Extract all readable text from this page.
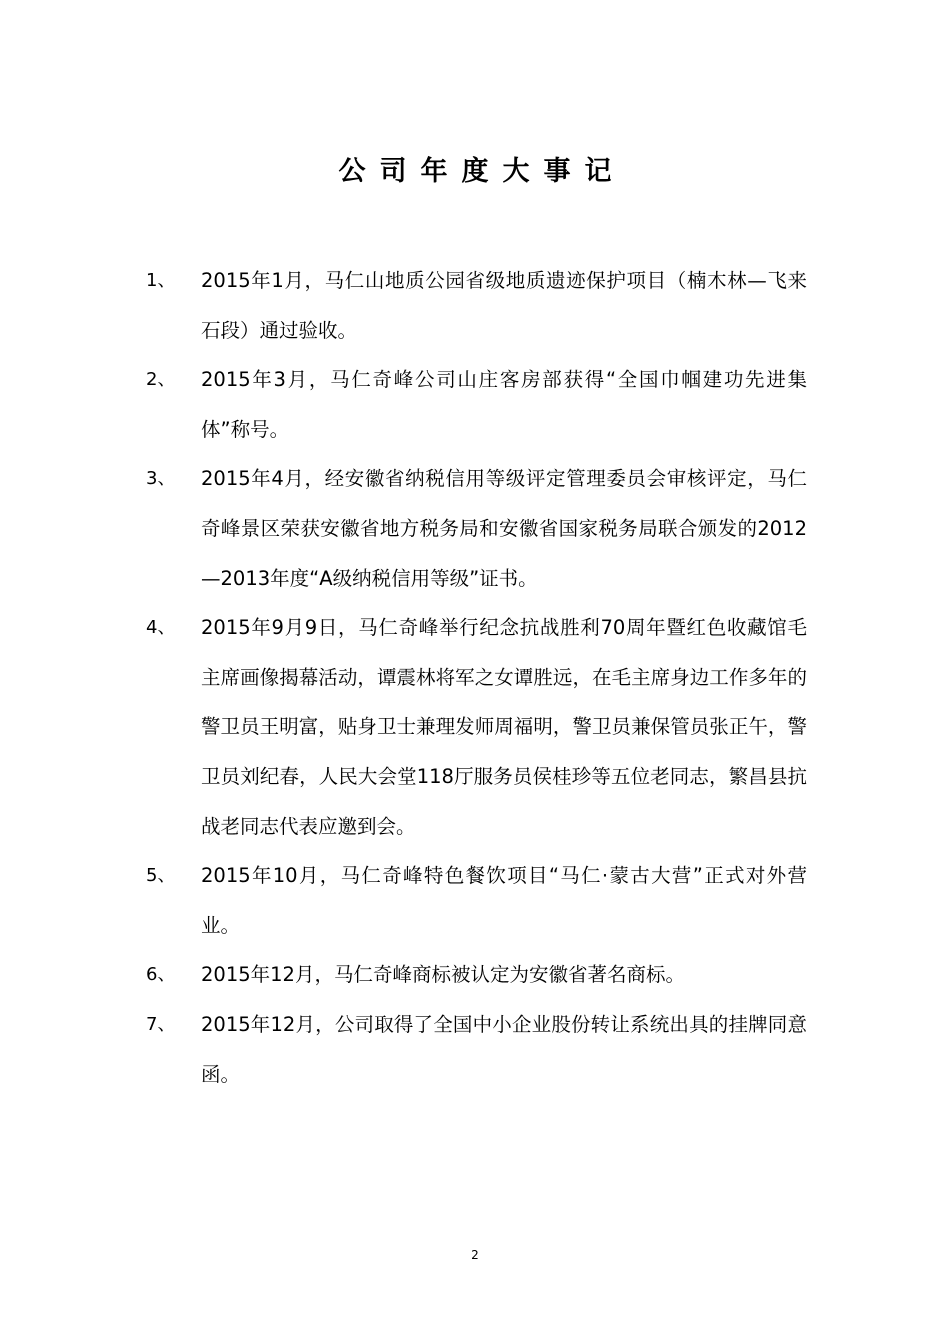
公司年度大事记
1、 2015年1月，马仁山地质公园省级地质遗迹保护项目（楠木林—飞来石段）通过验收。
2、 2015年3月，马仁奇峰公司山庄客房部获得“全国巾帼建功先进集体”称号。
3、 2015年4月，经安徽省纳税信用等级评定管理委员会审核评定，马仁奇峰景区荣获安徽省地方税务局和安徽省国家税务局联合颁发的2012—2013年度“A级纳税信用等级”证书。
4、 2015年9月9日，马仁奇峰举行纪念抗战胜利70周年暨红色收藏馆毛主席画像揭幕活动，谭震林将军之女谭胜远，在毛主席身边工作多年的警卫员王明富，贴身卫士兼理发师周福明，警卫员兼保管员张正午，警卫员刘纪春，人民大会堂118厅服务员侯桂珍等五位老同志，繁昌县抗战老同志代表应邀到会。
5、 2015年10月，马仁奇峰特色餐饮项目“马仁·蒙古大营”正式对外营业。
6、 2015年12月，马仁奇峰商标被认定为安徽省著名商标。
7、 2015年12月，公司取得了全国中小企业股份转让系统出具的挂牌同意函。
2
